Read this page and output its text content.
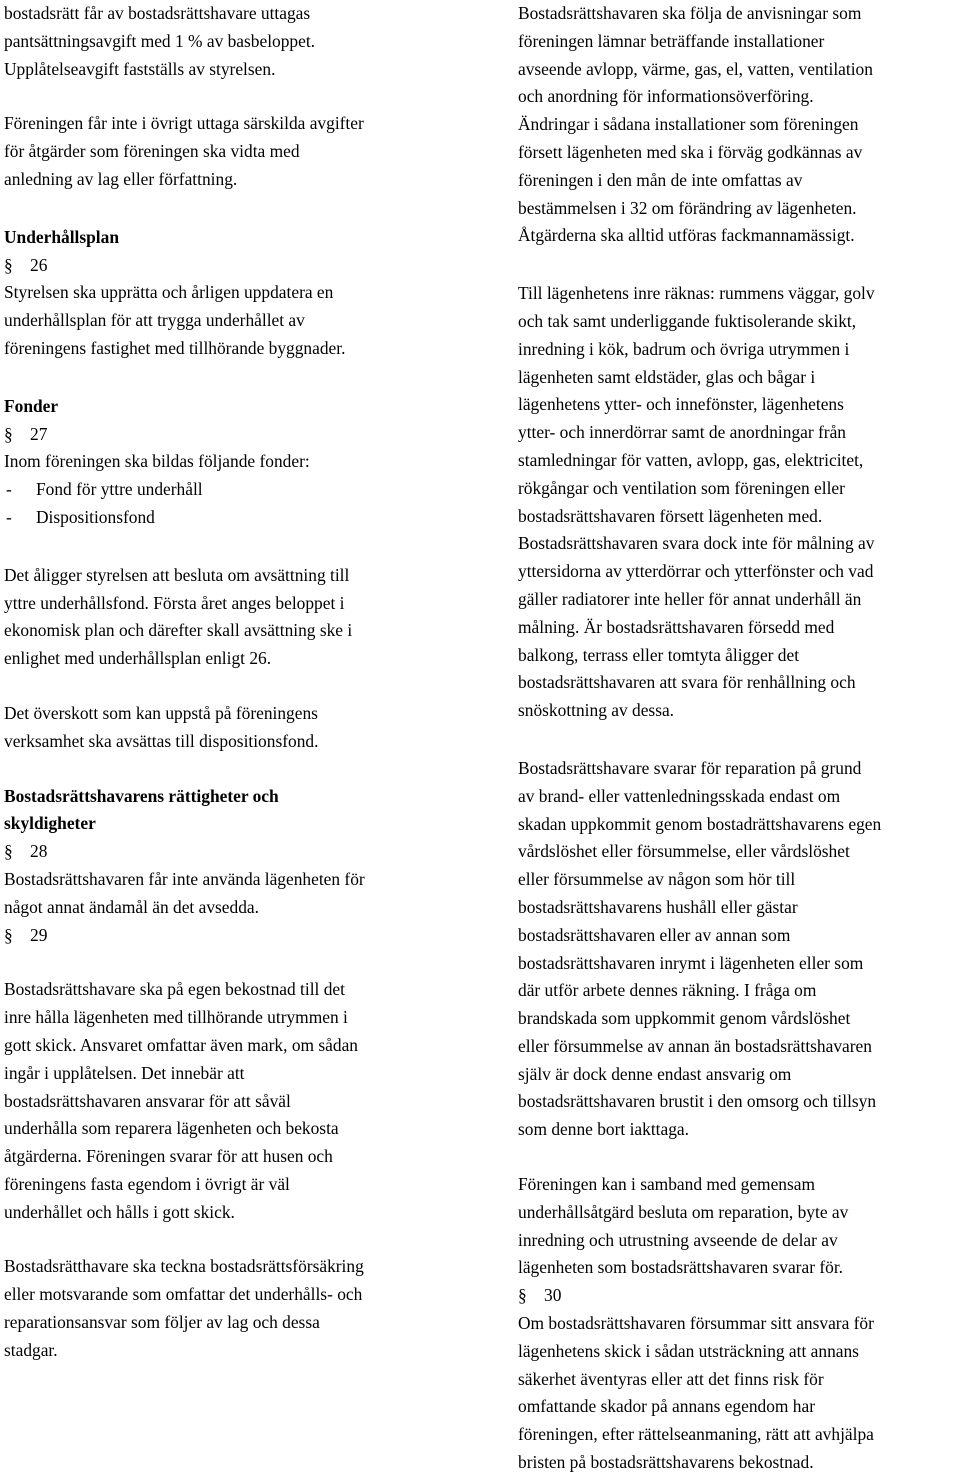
bostadsrätt får av bostadsrättshavare uttagas
pantsättningsavgift med 1 % av basbeloppet.
Upplåtelseavgift fastställs av styrelsen.

Föreningen får inte i övrigt uttaga särskilda avgifter
för åtgärder som föreningen ska vidta med
anledning av lag eller författning.

Underhållsplan

§ 26

Styrelsen ska upprätta och årligen uppdatera en
underhållsplan för att trygga underhållet av
föreningens fastighet med tillhörande byggnader.

Fonder

§ 27

Inom föreningen ska bildas följande fonder:

- Fond för yttre underhåll
- Dispositionsfond

Det åligger styrelsen att besluta om avsättning till
yttre underhållsfond. Första året anges beloppet i
ekonomisk plan och därefter skall avsättning ske i
enlighet med underhållsplan enligt 26.

Det överskott som kan uppstå på föreningens
verksamhet ska avsättas till dispositionsfond.

Bostadsrättshavarens rättigheter och
skyldigheter

§ 28

Bostadsrättshavaren får inte använda lägenheten för
något annat ändamål än det avsedda.

§ 29

Bostadsrättshavare ska på egen bekostnad till det
inre hålla lägenheten med tillhörande utrymmen i
gott skick. Ansvaret omfattar även mark, om sådan
ingår i upplåtelsen. Det innebär att
bostadsrättshavaren ansvarar för att såväl
underhålla som reparera lägenheten och bekosta
åtgärderna. Föreningen svarar för att husen och
föreningens fasta egendom i övrigt är väl
underhållet och hålls i gott skick.

Bostadsrätthavare ska teckna bostadsrättsförsäkring
eller motsvarande som omfattar det underhålls- och
reparationsansvar som följer av lag och dessa
stadgar.

Bostadsrättshavaren ska följa de anvisningar som
föreningen lämnar beträffande installationer
avseende avlopp, värme, gas, el, vatten, ventilation
och anordning för informationsöverföring.
Ändringar i sådana installationer som föreningen
försett lägenheten med ska i förväg godkännas av
föreningen i den mån de inte omfattas av
bestämmelsen i 32 om förändring av lägenheten.
Åtgärderna ska alltid utföras fackmannamässigt.

Till lägenhetens inre räknas: rummens väggar, golv
och tak samt underliggande fuktisolerande skikt,
inredning i kök, badrum och övriga utrymmen i
lägenheten samt eldstäder, glas och bågar i
lägenhetens ytter- och innefönster, lägenhetens
ytter- och innerdörrar samt de anordningar från
stamledningar för vatten, avlopp, gas, elektricitet,
rökgångar och ventilation som föreningen eller
bostadsrättshavaren försett lägenheten med.
Bostadsrättshavaren svara dock inte för målning av
yttersidorna av ytterdörrar och ytterfönster och vad
gäller radiatorer inte heller för annat underhåll än
målning. Är bostadsrättshavaren försedd med
balkong, terrass eller tomtyta åligger det
bostadsrättshavaren att svara för renhållning och
snöskottning av dessa.

Bostadsrättshavare svarar för reparation på grund
av brand- eller vattenledningsskada endast om
skadan uppkommit genom bostadrättshavarens egen
vårdslöshet eller försummelse, eller vårdslöshet
eller försummelse av någon som hör till
bostadsrättshavarens hushåll eller gästar
bostadsrättshavaren eller av annan som
bostadsrättshavaren inrymt i lägenheten eller som
där utför arbete dennes räkning. I fråga om
brandskada som uppkommit genom vårdslöshet
eller försummelse av annan än bostadsrättshavaren
själv är dock denne endast ansvarig om
bostadsrättshavaren brustit i den omsorg och tillsyn
som denne bort iakttaga.

Föreningen kan i samband med gemensam
underhållsåtgärd besluta om reparation, byte av
inredning och utrustning avseende de delar av
lägenheten som bostadsrättshavaren svarar för.

§ 30

Om bostadsrättshavaren försummar sitt ansvara för
lägenhetens skick i sådan utsträckning att annans
säkerhet äventyras eller att det finns risk för
omfattande skador på annans egendom har
föreningen, efter rättelseanmaning, rätt att avhjälpa
bristen på bostadsrättshavarens bekostnad.
